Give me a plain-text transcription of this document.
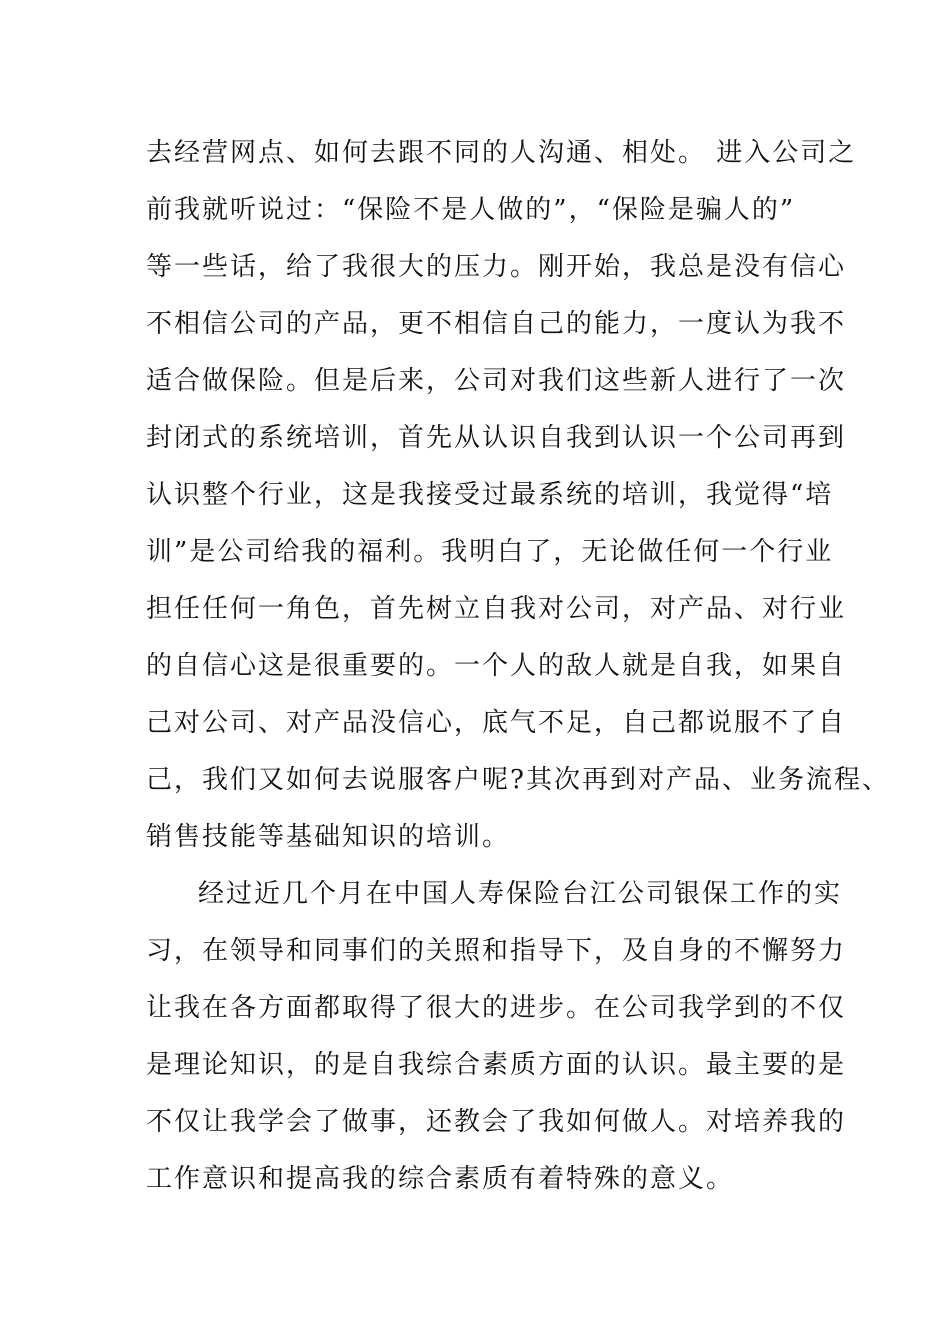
去经营网点、如何去跟不同的人沟通、相处。 进入公司之
前我就听说过：“保险不是人做的”，“保险是骗人的”
等一些话，给了我很大的压力。刚开始，我总是没有信心
不相信公司的产品，更不相信自己的能力，一度认为我不
适合做保险。但是后来，公司对我们这些新人进行了一次
封闭式的系统培训，首先从认识自我到认识一个公司再到
认识整个行业，这是我接受过最系统的培训，我觉得“培
训”是公司给我的福利。我明白了，无论做任何一个行业
担任任何一角色，首先树立自我对公司，对产品、对行业
的自信心这是很重要的。一个人的敌人就是自我，如果自
己对公司、对产品没信心，底气不足，自己都说服不了自
己，我们又如何去说服客户呢?其次再到对产品、业务流程、
销售技能等基础知识的培训。
经过近几个月在中国人寿保险台江公司银保工作的实
习，在领导和同事们的关照和指导下，及自身的不懈努力
让我在各方面都取得了很大的进步。在公司我学到的不仅
是理论知识，的是自我综合素质方面的认识。最主要的是
不仅让我学会了做事，还教会了我如何做人。对培养我的
工作意识和提高我的综合素质有着特殊的意义。
